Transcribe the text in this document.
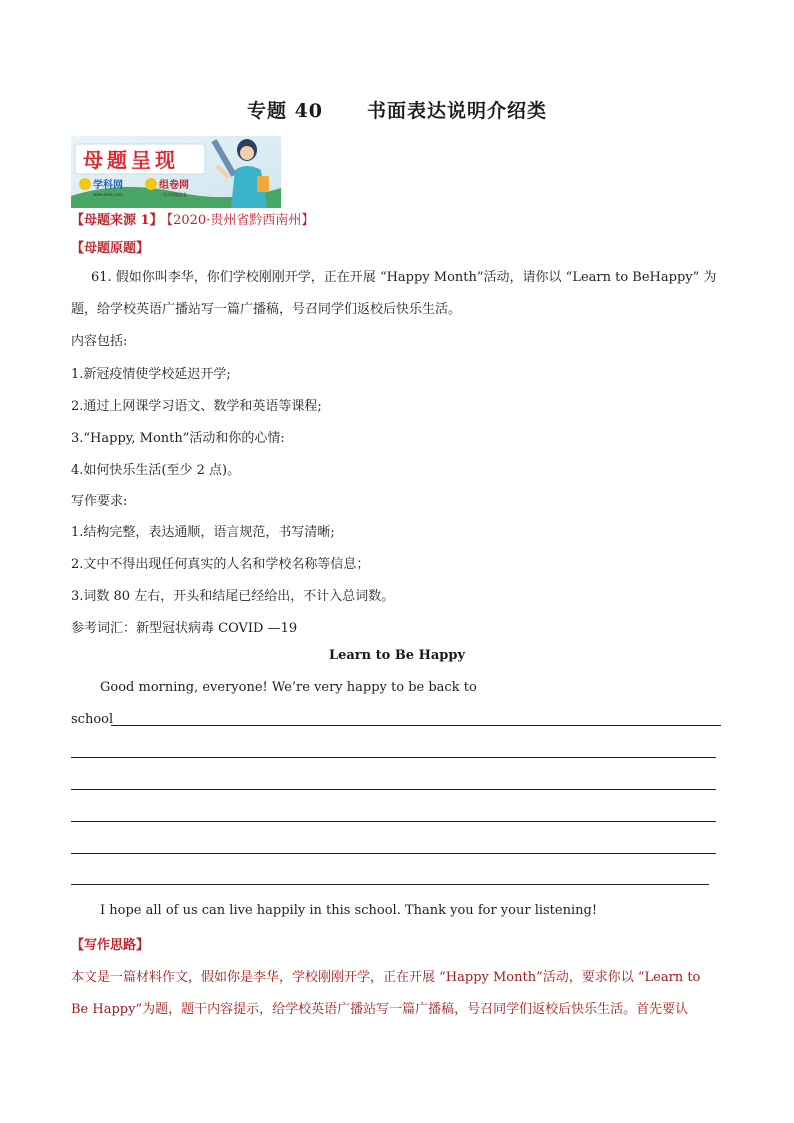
专题 40 书面表达说明介绍类
母题呈现
学科网
www.zxxk.com
组卷网
一站式智能组卷
【母题来源 1】 【2020·贵州省黔西南州】
【母题原题】
61. 假如你叫李华，你们学校刚刚开学，正在开展 “Happy Month”活动，请你以 “Learn to BeHappy” 为
题，给学校英语广播站写一篇广播稿，号召同学们返校后快乐生活。
内容包括:
1.新冠疫情使学校延迟开学;
2.通过上网课学习语文、数学和英语等课程;
3.“Happy, Month”活动和你的心情:
4.如何快乐生活(至少 2 点)。
写作要求:
1.结构完整，表达通顺，语言规范，书写清晰;
2.文中不得出现任何真实的人名和学校名称等信息；
3.词数 80 左右，开头和结尾已经给出，不计入总词数。
参考词汇：新型冠状病毒 COVID —19
Learn to Be Happy
Good morning, everyone! We’re very happy to be back to
school
I hope all of us can live happily in this school. Thank you for your listening!
【写作思路】
本文是一篇材料作文，假如你是李华，学校刚刚开学，正在开展 “Happy Month”活动，要求你以 “Learn to
Be Happy”为题，题干内容提示，给学校英语广播站写一篇广播稿，号召同学们返校后快乐生活。首先要认
